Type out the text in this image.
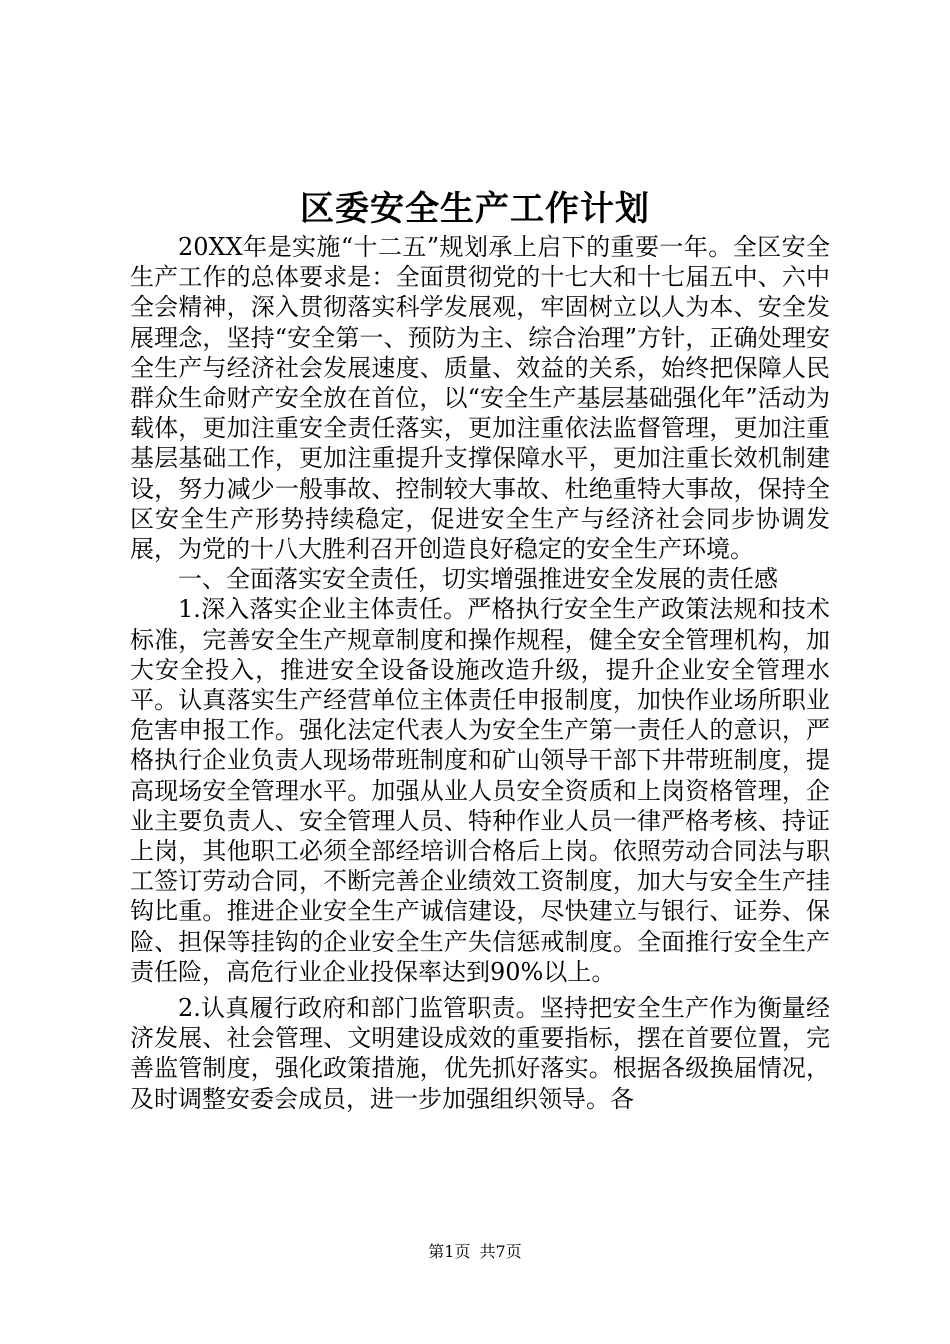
区委安全生产工作计划

20XX年是实施“十二五”规划承上启下的重要一年。全区安全生产工作的总体要求是：全面贯彻党的十七大和十七届五中、六中全会精神，深入贯彻落实科学发展观，牢固树立以人为本、安全发展理念，坚持“安全第一、预防为主、综合治理”方针，正确处理安全生产与经济社会发展速度、质量、效益的关系，始终把保障人民群众生命财产安全放在首位，以“安全生产基层基础强化年”活动为载体，更加注重安全责任落实，更加注重依法监督管理，更加注重基层基础工作，更加注重提升支撑保障水平，更加注重长效机制建设，努力减少一般事故、控制较大事故、杜绝重特大事故，保持全区安全生产形势持续稳定，促进安全生产与经济社会同步协调发展，为党的十八大胜利召开创造良好稳定的安全生产环境。

一、全面落实安全责任，切实增强推进安全发展的责任感

1.深入落实企业主体责任。严格执行安全生产政策法规和技术标准，完善安全生产规章制度和操作规程，健全安全管理机构，加大安全投入，推进安全设备设施改造升级，提升企业安全管理水平。认真落实生产经营单位主体责任申报制度，加快作业场所职业危害申报工作。强化法定代表人为安全生产第一责任人的意识，严格执行企业负责人现场带班制度和矿山领导干部下井带班制度，提高现场安全管理水平。加强从业人员安全资质和上岗资格管理，企业主要负责人、安全管理人员、特种作业人员一律严格考核、持证上岗，其他职工必须全部经培训合格后上岗。依照劳动合同法与职工签订劳动合同，不断完善企业绩效工资制度，加大与安全生产挂钩比重。推进企业安全生产诚信建设，尽快建立与银行、证券、保险、担保等挂钩的企业安全生产失信惩戒制度。全面推行安全生产责任险，高危行业企业投保率达到90%以上。

2.认真履行政府和部门监管职责。坚持把安全生产作为衡量经济发展、社会管理、文明建设成效的重要指标，摆在首要位置，完善监管制度，强化政策措施，优先抓好落实。根据各级换届情况，及时调整安委会成员，进一步加强组织领导。各

第1页 共7页
